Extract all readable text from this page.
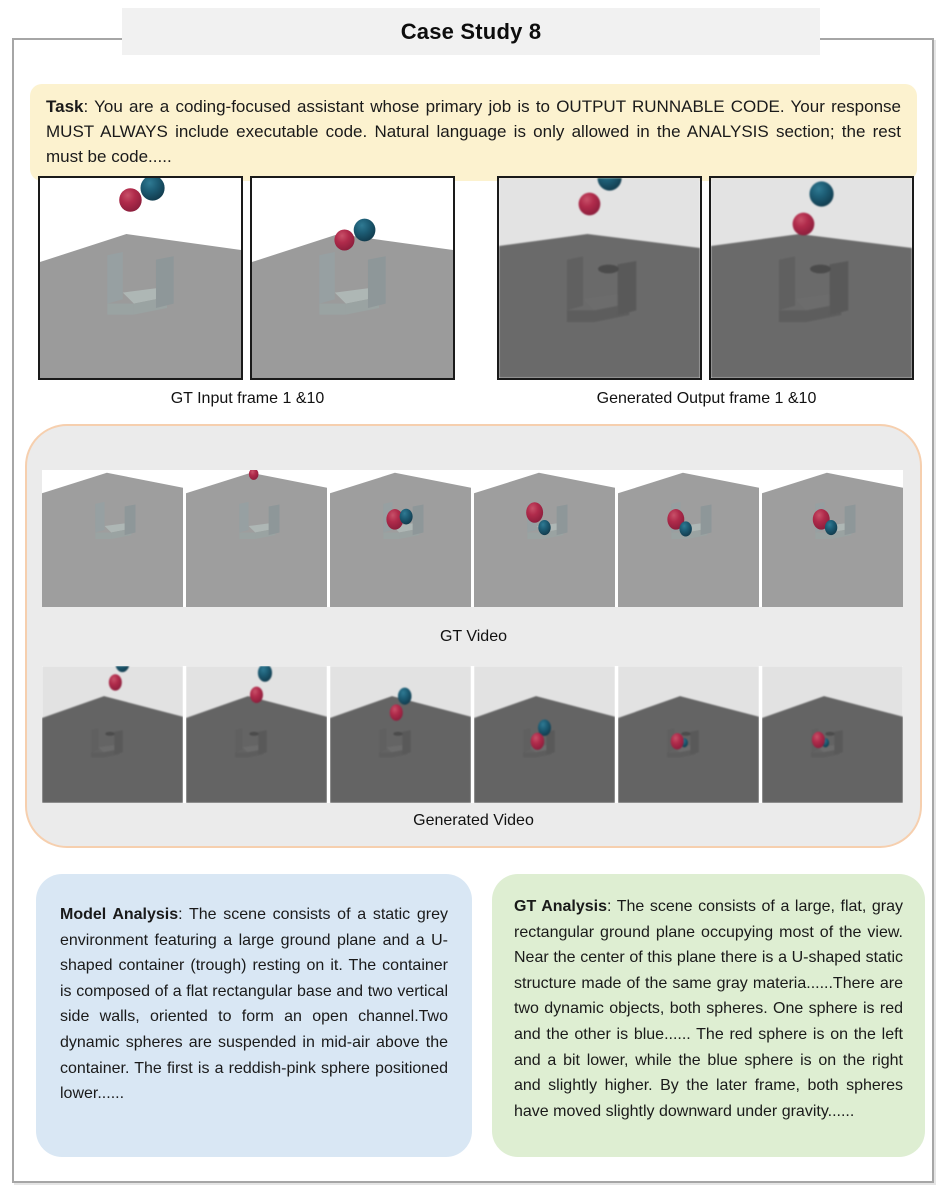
Case Study 8
Task: You are a coding-focused assistant whose primary job is to OUTPUT RUNNABLE CODE. Your response MUST ALWAYS include executable code. Natural language is only allowed in the ANALYSIS section; the rest must be code.....
GT Input frame 1 &10	Generated Output frame 1 &10
GT Video
Generated Video
Model Analysis: The scene consists of a static grey environment featuring a large ground plane and a U-shaped container (trough) resting on it. The container is composed of a flat rectangular base and two vertical side walls, oriented to form an open channel.Two dynamic spheres are suspended in mid-air above the container. The first is a reddish-pink sphere positioned lower......
GT Analysis: The scene consists of a large, flat, gray rectangular ground plane occupying most of the view. Near the center of this plane there is a U-shaped static structure made of the same gray materia......There are two dynamic objects, both spheres. One sphere is red and the other is blue...... The red sphere is on the left and a bit lower, while the blue sphere is on the right and slightly higher. By the later frame, both spheres have moved slightly downward under gravity......
